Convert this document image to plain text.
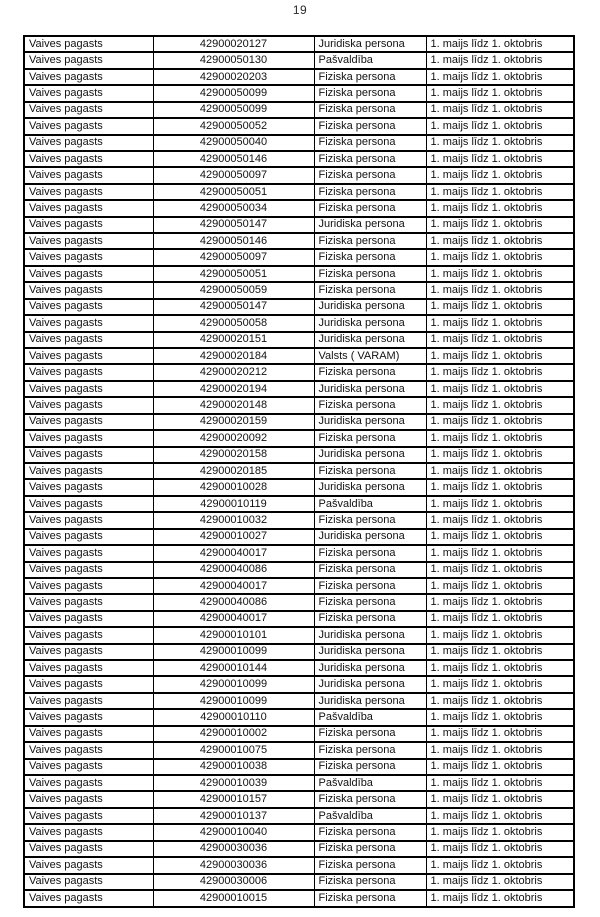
19
Vaives pagasts	42900020127	Juridiska persona	1. maijs līdz 1. oktobris
Vaives pagasts	42900050130	Pašvaldība	1. maijs līdz 1. oktobris
Vaives pagasts	42900020203	Fiziska persona	1. maijs līdz 1. oktobris
Vaives pagasts	42900050099	Fiziska persona	1. maijs līdz 1. oktobris
Vaives pagasts	42900050099	Fiziska persona	1. maijs līdz 1. oktobris
Vaives pagasts	42900050052	Fiziska persona	1. maijs līdz 1. oktobris
Vaives pagasts	42900050040	Fiziska persona	1. maijs līdz 1. oktobris
Vaives pagasts	42900050146	Fiziska persona	1. maijs līdz 1. oktobris
Vaives pagasts	42900050097	Fiziska persona	1. maijs līdz 1. oktobris
Vaives pagasts	42900050051	Fiziska persona	1. maijs līdz 1. oktobris
Vaives pagasts	42900050034	Fiziska persona	1. maijs līdz 1. oktobris
Vaives pagasts	42900050147	Juridiska persona	1. maijs līdz 1. oktobris
Vaives pagasts	42900050146	Fiziska persona	1. maijs līdz 1. oktobris
Vaives pagasts	42900050097	Fiziska persona	1. maijs līdz 1. oktobris
Vaives pagasts	42900050051	Fiziska persona	1. maijs līdz 1. oktobris
Vaives pagasts	42900050059	Fiziska persona	1. maijs līdz 1. oktobris
Vaives pagasts	42900050147	Juridiska persona	1. maijs līdz 1. oktobris
Vaives pagasts	42900050058	Juridiska persona	1. maijs līdz 1. oktobris
Vaives pagasts	42900020151	Juridiska persona	1. maijs līdz 1. oktobris
Vaives pagasts	42900020184	Valsts ( VARAM)	1. maijs līdz 1. oktobris
Vaives pagasts	42900020212	Fiziska persona	1. maijs līdz 1. oktobris
Vaives pagasts	42900020194	Juridiska persona	1. maijs līdz 1. oktobris
Vaives pagasts	42900020148	Fiziska persona	1. maijs līdz 1. oktobris
Vaives pagasts	42900020159	Juridiska persona	1. maijs līdz 1. oktobris
Vaives pagasts	42900020092	Fiziska persona	1. maijs līdz 1. oktobris
Vaives pagasts	42900020158	Juridiska persona	1. maijs līdz 1. oktobris
Vaives pagasts	42900020185	Fiziska persona	1. maijs līdz 1. oktobris
Vaives pagasts	42900010028	Juridiska persona	1. maijs līdz 1. oktobris
Vaives pagasts	42900010119	Pašvaldība	1. maijs līdz 1. oktobris
Vaives pagasts	42900010032	Fiziska persona	1. maijs līdz 1. oktobris
Vaives pagasts	42900010027	Juridiska persona	1. maijs līdz 1. oktobris
Vaives pagasts	42900040017	Fiziska persona	1. maijs līdz 1. oktobris
Vaives pagasts	42900040086	Fiziska persona	1. maijs līdz 1. oktobris
Vaives pagasts	42900040017	Fiziska persona	1. maijs līdz 1. oktobris
Vaives pagasts	42900040086	Fiziska persona	1. maijs līdz 1. oktobris
Vaives pagasts	42900040017	Fiziska persona	1. maijs līdz 1. oktobris
Vaives pagasts	42900010101	Juridiska persona	1. maijs līdz 1. oktobris
Vaives pagasts	42900010099	Juridiska persona	1. maijs līdz 1. oktobris
Vaives pagasts	42900010144	Juridiska persona	1. maijs līdz 1. oktobris
Vaives pagasts	42900010099	Juridiska persona	1. maijs līdz 1. oktobris
Vaives pagasts	42900010099	Juridiska persona	1. maijs līdz 1. oktobris
Vaives pagasts	42900010110	Pašvaldība	1. maijs līdz 1. oktobris
Vaives pagasts	42900010002	Fiziska persona	1. maijs līdz 1. oktobris
Vaives pagasts	42900010075	Fiziska persona	1. maijs līdz 1. oktobris
Vaives pagasts	42900010038	Fiziska persona	1. maijs līdz 1. oktobris
Vaives pagasts	42900010039	Pašvaldība	1. maijs līdz 1. oktobris
Vaives pagasts	42900010157	Fiziska persona	1. maijs līdz 1. oktobris
Vaives pagasts	42900010137	Pašvaldība	1. maijs līdz 1. oktobris
Vaives pagasts	42900010040	Fiziska persona	1. maijs līdz 1. oktobris
Vaives pagasts	42900030036	Fiziska persona	1. maijs līdz 1. oktobris
Vaives pagasts	42900030036	Fiziska persona	1. maijs līdz 1. oktobris
Vaives pagasts	42900030006	Fiziska persona	1. maijs līdz 1. oktobris
Vaives pagasts	42900010015	Fiziska persona	1. maijs līdz 1. oktobris
